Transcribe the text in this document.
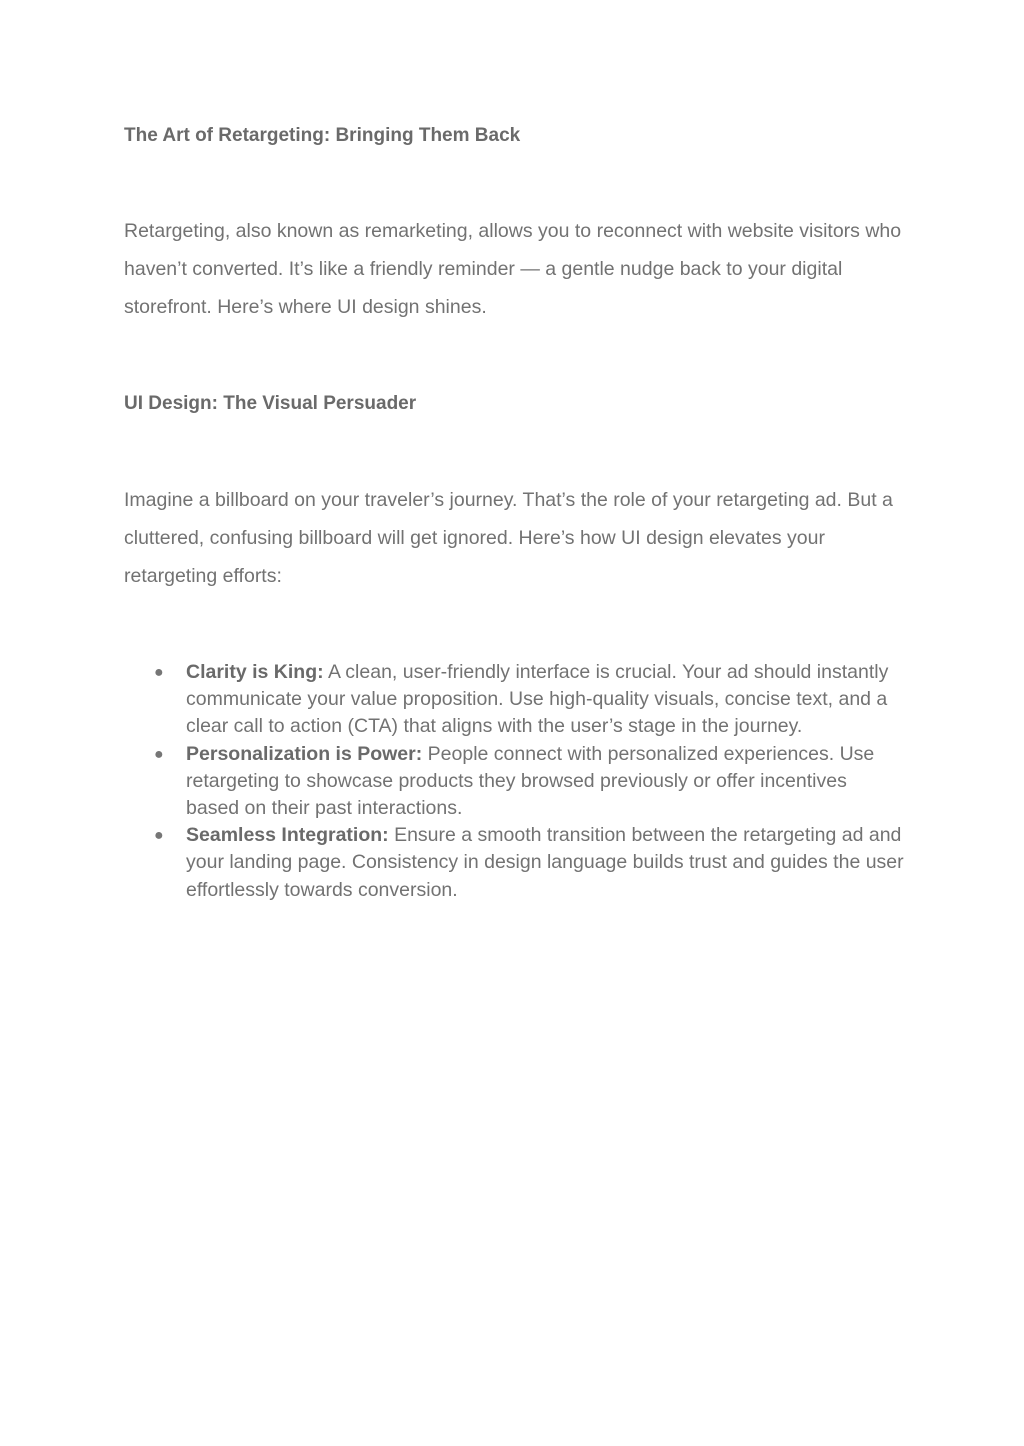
The Art of Retargeting: Bringing Them Back

Retargeting, also known as remarketing, allows you to reconnect with website visitors who haven’t converted. It’s like a friendly reminder — a gentle nudge back to your digital storefront. Here’s where UI design shines.

UI Design: The Visual Persuader

Imagine a billboard on your traveler’s journey. That’s the role of your retargeting ad. But a cluttered, confusing billboard will get ignored. Here’s how UI design elevates your retargeting efforts:

● Clarity is King: A clean, user-friendly interface is crucial. Your ad should instantly communicate your value proposition. Use high-quality visuals, concise text, and a clear call to action (CTA) that aligns with the user’s stage in the journey.
● Personalization is Power: People connect with personalized experiences. Use retargeting to showcase products they browsed previously or offer incentives based on their past interactions.
● Seamless Integration: Ensure a smooth transition between the retargeting ad and your landing page. Consistency in design language builds trust and guides the user effortlessly towards conversion.
